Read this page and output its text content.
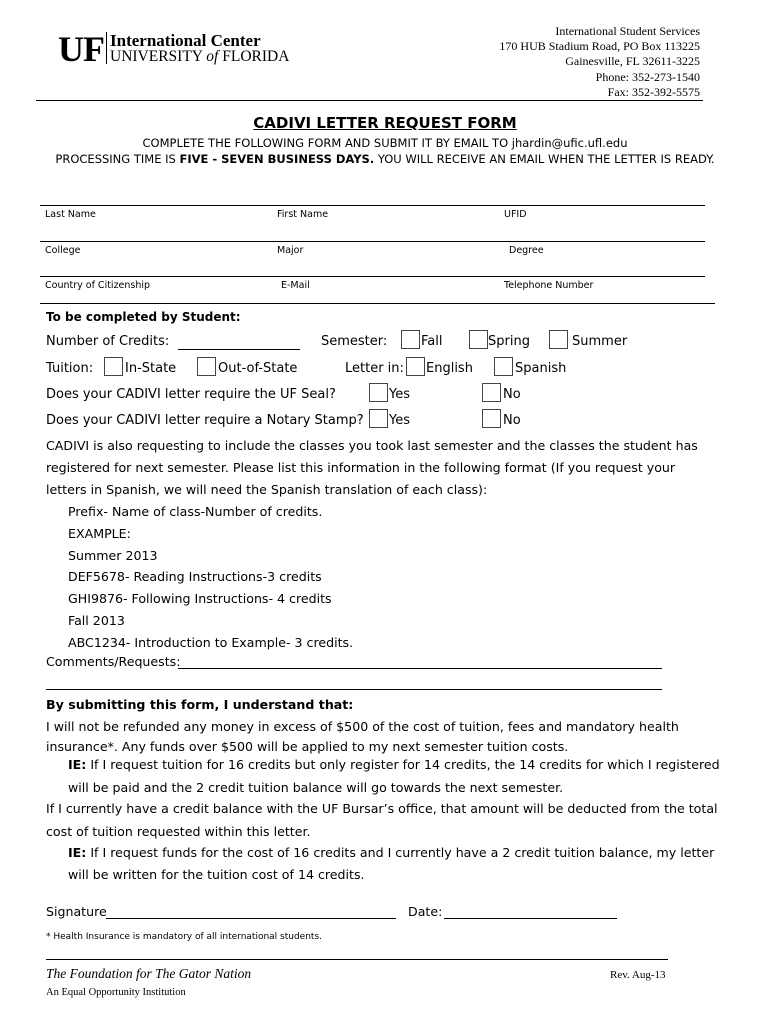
UF International Center
UNIVERSITY of FLORIDA
International Student Services
170 HUB Stadium Road, PO Box 113225
Gainesville, FL 32611-3225
Phone: 352-273-1540
Fax: 352-392-5575
CADIVI LETTER REQUEST FORM
COMPLETE THE FOLLOWING FORM AND SUBMIT IT BY EMAIL TO jhardin@ufic.ufl.edu
PROCESSING TIME IS FIVE - SEVEN BUSINESS DAYS. YOU WILL RECEIVE AN EMAIL WHEN THE LETTER IS READY.
Last Name	First Name	UFID
College	Major	Degree
Country of Citizenship	E-Mail	Telephone Number
To be completed by Student:
Number of Credits:	Semester:	Fall	Spring	Summer
Tuition: In-State	Out-of-State	Letter in: English	Spanish
Does your CADIVI letter require the UF Seal?	Yes	No
Does your CADIVI letter require a Notary Stamp? Yes	No
CADIVI is also requesting to include the classes you took last semester and the classes the student has
registered for next semester. Please list this information in the following format (If you request your
letters in Spanish, we will need the Spanish translation of each class):
Prefix- Name of class-Number of credits.
EXAMPLE:
Summer 2013
DEF5678- Reading Instructions-3 credits
GHI9876- Following Instructions- 4 credits
Fall 2013
ABC1234- Introduction to Example- 3 credits.
Comments/Requests:
By submitting this form, I understand that:
I will not be refunded any money in excess of $500 of the cost of tuition, fees and mandatory health
insurance*. Any funds over $500 will be applied to my next semester tuition costs.
IE: If I request tuition for 16 credits but only register for 14 credits, the 14 credits for which I registered
will be paid and the 2 credit tuition balance will go towards the next semester.
If I currently have a credit balance with the UF Bursar’s office, that amount will be deducted from the total
cost of tuition requested within this letter.
IE: If I request funds for the cost of 16 credits and I currently have a 2 credit tuition balance, my letter
will be written for the tuition cost of 14 credits.
Signature	Date:
* Health Insurance is mandatory of all international students.
The Foundation for The Gator Nation	Rev. Aug-13
An Equal Opportunity Institution
